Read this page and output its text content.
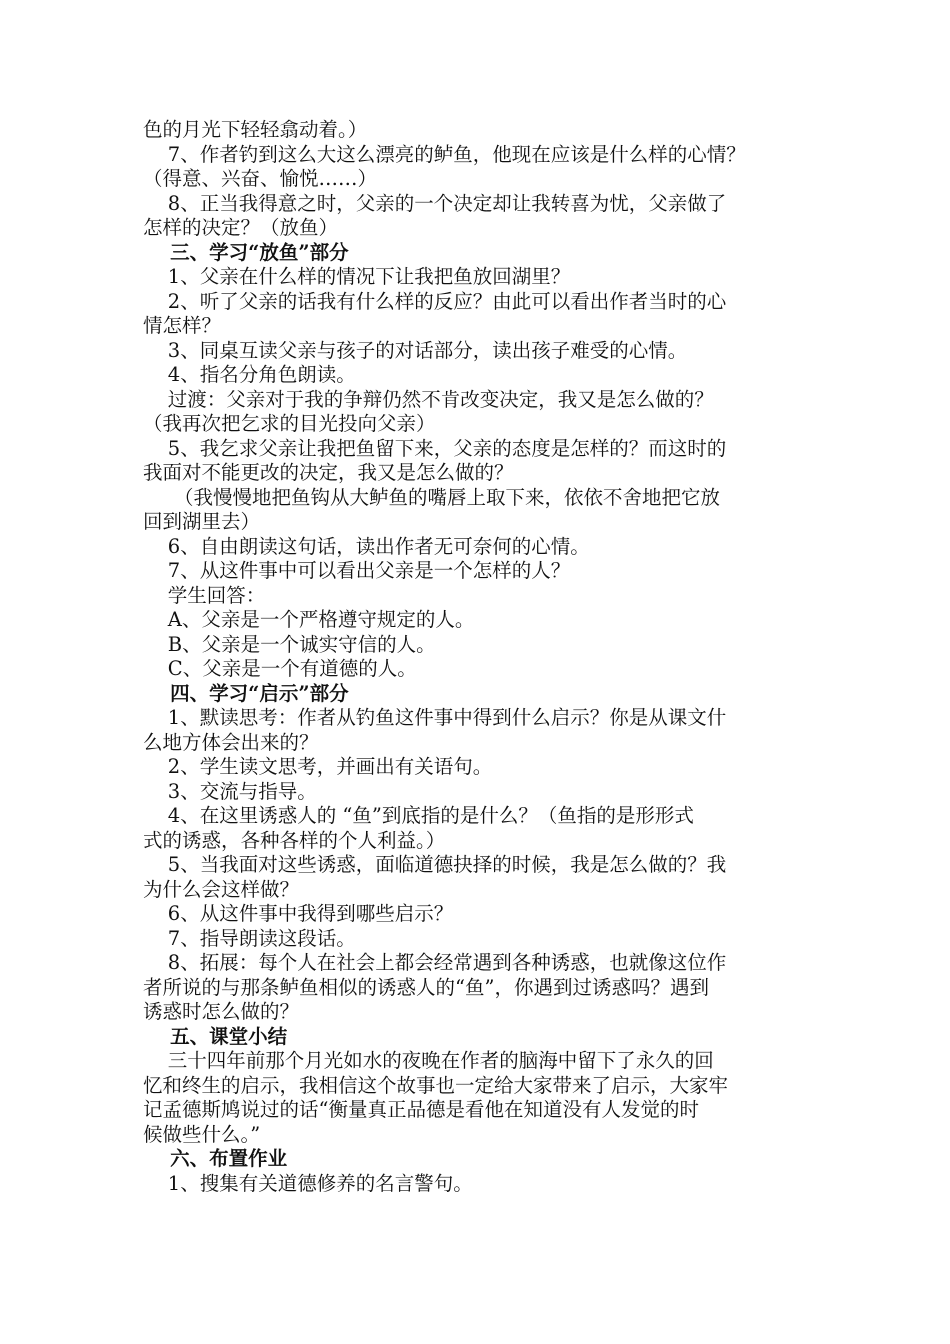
色的月光下轻轻翕动着。）
7、作者钓到这么大这么漂亮的鲈鱼，他现在应该是什么样的心情？
（得意、兴奋、愉悦……）
8、正当我得意之时，父亲的一个决定却让我转喜为忧，父亲做了
怎样的决定？（放鱼）
三、学习“放鱼”部分
1、父亲在什么样的情况下让我把鱼放回湖里？
2、听了父亲的话我有什么样的反应？由此可以看出作者当时的心
情怎样？
3、同桌互读父亲与孩子的对话部分，读出孩子难受的心情。
4、指名分角色朗读。
过渡：父亲对于我的争辩仍然不肯改变决定，我又是怎么做的？
（我再次把乞求的目光投向父亲）
5、我乞求父亲让我把鱼留下来，父亲的态度是怎样的？而这时的
我面对不能更改的决定，我又是怎么做的？
（我慢慢地把鱼钩从大鲈鱼的嘴唇上取下来，依依不舍地把它放
回到湖里去）
6、自由朗读这句话，读出作者无可奈何的心情。
7、从这件事中可以看出父亲是一个怎样的人？
学生回答：
A、父亲是一个严格遵守规定的人。
B、父亲是一个诚实守信的人。
C、父亲是一个有道德的人。
四、学习“启示”部分
1、默读思考：作者从钓鱼这件事中得到什么启示？你是从课文什
么地方体会出来的？
2、学生读文思考，并画出有关语句。
3、交流与指导。
4、在这里诱惑人的 “鱼”到底指的是什么？（鱼指的是形形式
式的诱惑，各种各样的个人利益。）
5、当我面对这些诱惑，面临道德抉择的时候，我是怎么做的？我
为什么会这样做？
6、从这件事中我得到哪些启示？
7、指导朗读这段话。
8、拓展：每个人在社会上都会经常遇到各种诱惑，也就像这位作
者所说的与那条鲈鱼相似的诱惑人的“鱼”，你遇到过诱惑吗？遇到
诱惑时怎么做的？
五、课堂小结
三十四年前那个月光如水的夜晚在作者的脑海中留下了永久的回
忆和终生的启示，我相信这个故事也一定给大家带来了启示，大家牢
记孟德斯鸠说过的话“衡量真正品德是看他在知道没有人发觉的时
候做些什么。”
六、布置作业
1、搜集有关道德修养的名言警句。
